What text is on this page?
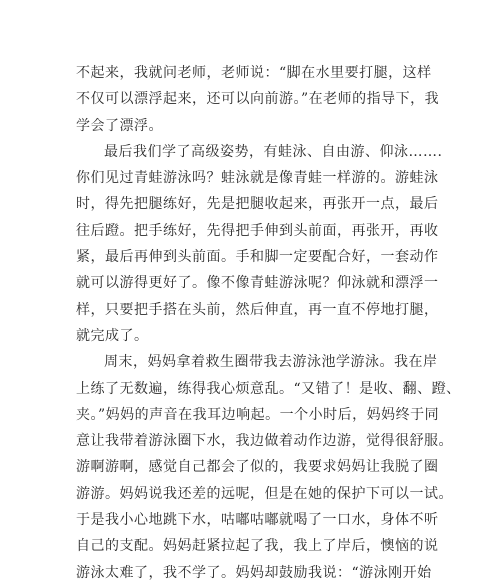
不起来，我就问老师，老师说：“脚在水里要打腿，这样
不仅可以漂浮起来，还可以向前游。”在老师的指导下，我
学会了漂浮。
最后我们学了高级姿势，有蛙泳、自由游、仰泳…….
你们见过青蛙游泳吗？蛙泳就是像青蛙一样游的。游蛙泳
时，得先把腿练好，先是把腿收起来，再张开一点，最后
往后蹬。把手练好，先得把手伸到头前面，再张开，再收
紧，最后再伸到头前面。手和脚一定要配合好，一套动作
就可以游得更好了。像不像青蛙游泳呢？仰泳就和漂浮一
样，只要把手搭在头前，然后伸直，再一直不停地打腿，
就完成了。
周末，妈妈拿着救生圈带我去游泳池学游泳。我在岸
上练了无数遍，练得我心烦意乱。“又错了！是收、翻、蹬、
夹。”妈妈的声音在我耳边响起。一个小时后，妈妈终于同
意让我带着游泳圈下水，我边做着动作边游，觉得很舒服。
游啊游啊，感觉自己都会了似的，我要求妈妈让我脱了圈
游游。妈妈说我还差的远呢，但是在她的保护下可以一试。
于是我小心地跳下水，咕嘟咕嘟就喝了一口水，身体不听
自己的支配。妈妈赶紧拉起了我，我上了岸后，懊恼的说
游泳太难了，我不学了。妈妈却鼓励我说：“游泳刚开始
